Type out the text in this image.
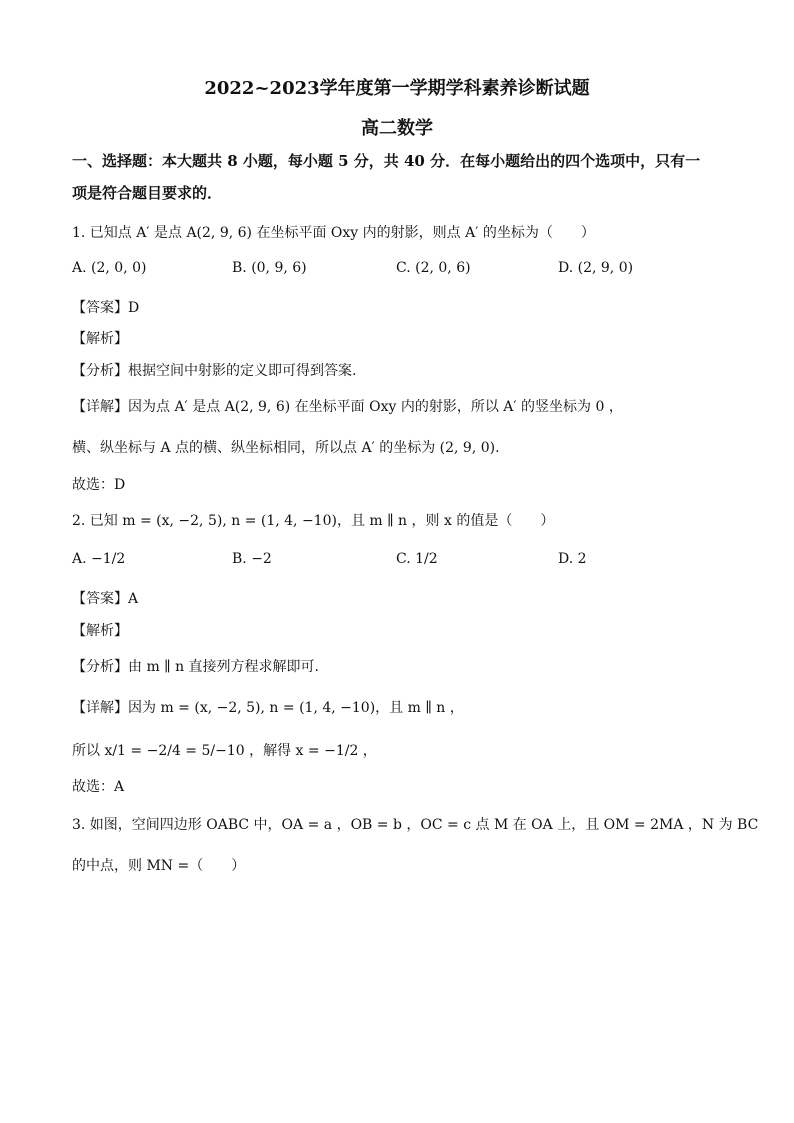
2022~2023学年度第一学期学科素养诊断试题
高二数学
一、选择题：本大题共 8 小题，每小题 5 分，共 40 分．在每小题给出的四个选项中，只有一
项是符合题目要求的．
1. 已知点 A′ 是点 A(2, 9, 6) 在坐标平面 Oxy 内的射影，则点 A′ 的坐标为（　　）
A. (2, 0, 0)	B. (0, 9, 6)	C. (2, 0, 6)	D. (2, 9, 0)
【答案】D
【解析】
【分析】根据空间中射影的定义即可得到答案.
【详解】因为点 A′ 是点 A(2, 9, 6) 在坐标平面 Oxy 内的射影，所以 A′ 的竖坐标为 0 ，
横、纵坐标与 A 点的横、纵坐标相同，所以点 A′ 的坐标为 (2, 9, 0).
故选：D
2. 已知 m = (x, −2, 5), n = (1, 4, −10)，且 m ∥ n ，则 x 的值是（　　）
A. −1/2	B. −2	C. 1/2	D. 2
【答案】A
【解析】
【分析】由 m ∥ n 直接列方程求解即可.
【详解】因为 m = (x, −2, 5), n = (1, 4, −10)，且 m ∥ n ，
所以 x/1 = −2/4 = 5/−10 ，解得 x = −1/2 ，
故选：A
3. 如图，空间四边形 OABC 中，OA = a ，OB = b ，OC = c 点 M 在 OA 上，且 OM = 2MA ，N 为 BC
的中点，则 MN =（　　）
